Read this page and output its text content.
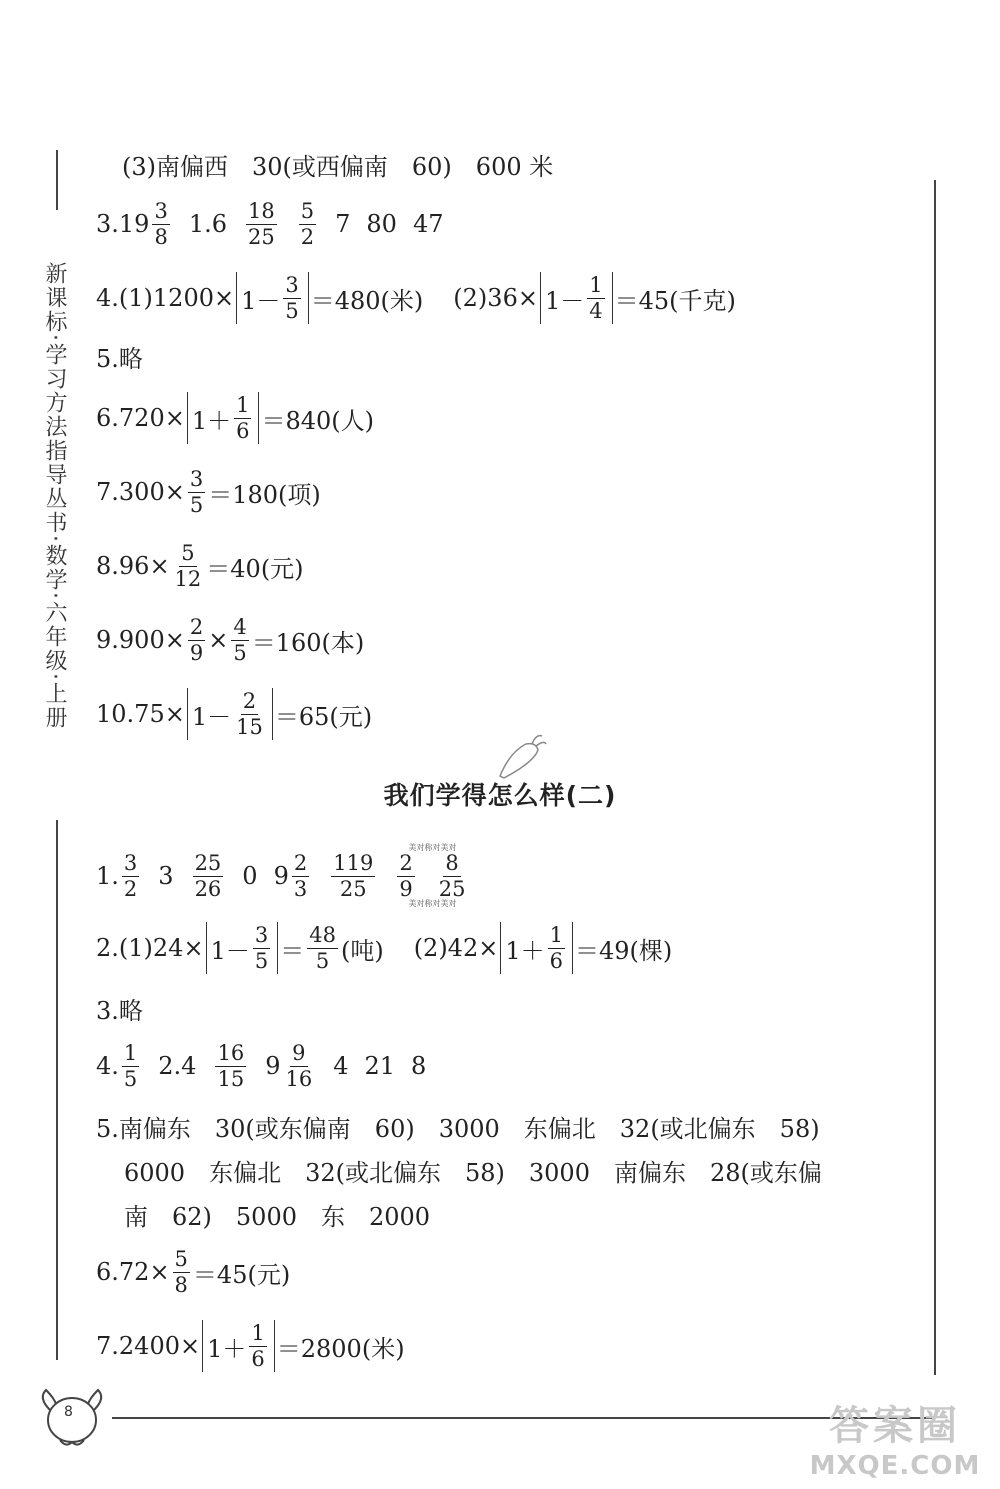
新课标·学习方法指导丛书·数学·六年级·上册
(3)南偏西　30(或西偏南　60)　600 米
3. $19 \frac{3}{8} 1.6 \frac{18}{25} \frac{5}{2} 7$ 80 47
4. $(1)1200\times 1- \frac{3}{5} =480$(米) $(2)36\times 1- \frac{1}{4} =45$(千克)
5.略
$6.720\times 1+ \frac{1}{6} =840$(人)
$7.300\times \frac{3}{5} =180$(项)
$8.96\times \frac{5}{12} =40$(元)
$9.900\times \frac{2}{9} \times \frac{4}{5} =160$(本)
$10.75\times 1- \frac{2}{15} =65$(元)
我们学得怎么样(二)
1. $\frac{3}{2} 3 \frac{25}{26} 0$ $9 \frac{2}{3} \frac{119}{25}$
美对称对美对
$\frac{2}{9} \frac{8}{25}$
美对称对美对
2. $(1)24\times 1- \frac{3}{5} = \frac{48}{5}$ (吨) $(2)42\times 1+ \frac{1}{6} =49$(棵)
3.略
4. $\frac{1}{5} 2.4 \frac{16}{15} 9 \frac{9}{16} 4$ 21 8
5.南偏东　30(或东偏南　60)　3000　东偏北　32(或北偏东　58)
6000　东偏北　32(或北偏东　58)　3000　南偏东　28(或东偏
南　62)　5000　东　2000
$6.72\times \frac{5}{8} =45$(元)
$7.2400\times 1+ \frac{1}{6} =2800$(米)
8	答案圈
MXQE.COM
